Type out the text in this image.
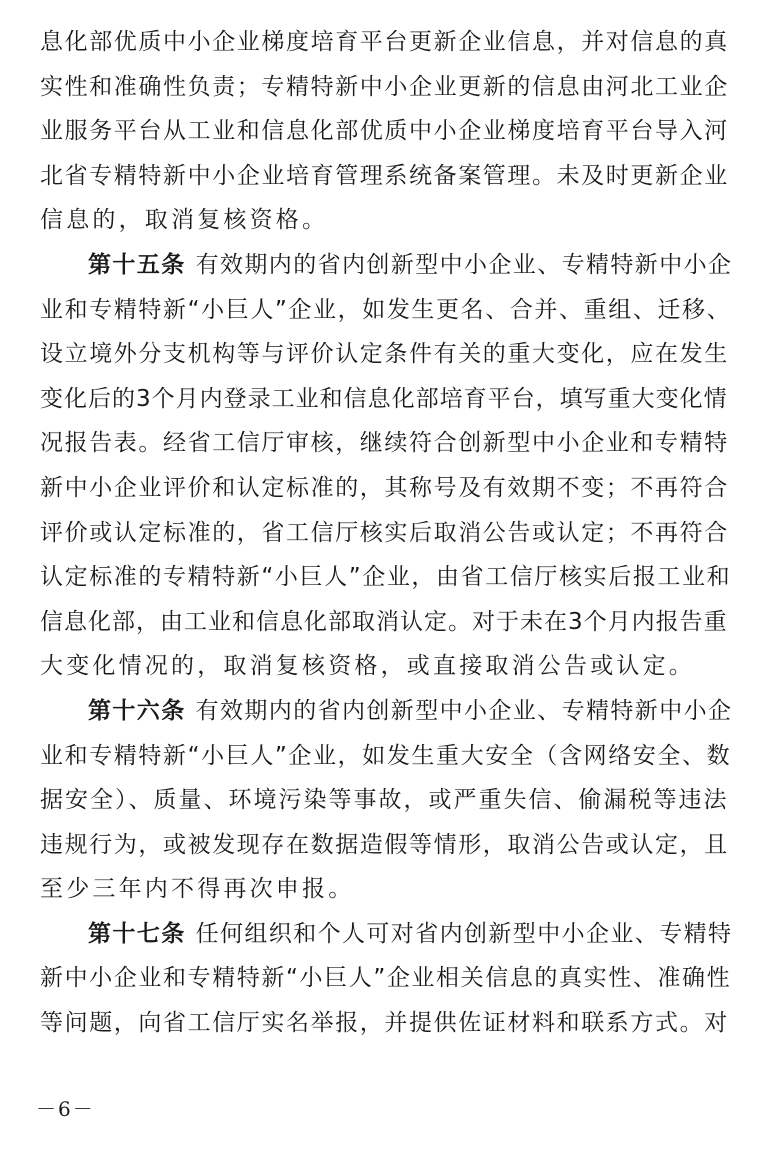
息化部优质中小企业梯度培育平台更新企业信息，并对信息的真
实性和准确性负责；专精特新中小企业更新的信息由河北工业企
业服务平台从工业和信息化部优质中小企业梯度培育平台导入河
北省专精特新中小企业培育管理系统备案管理。未及时更新企业
信息的，取消复核资格。
第十五条 有效期内的省内创新型中小企业、专精特新中小企
业和专精特新“小巨人”企业，如发生更名、合并、重组、迁移、
设立境外分支机构等与评价认定条件有关的重大变化，应在发生
变化后的3个月内登录工业和信息化部培育平台，填写重大变化情
况报告表。经省工信厅审核，继续符合创新型中小企业和专精特
新中小企业评价和认定标准的，其称号及有效期不变；不再符合
评价或认定标准的，省工信厅核实后取消公告或认定；不再符合
认定标准的专精特新“小巨人”企业，由省工信厅核实后报工业和
信息化部，由工业和信息化部取消认定。对于未在3个月内报告重
大变化情况的，取消复核资格，或直接取消公告或认定。
第十六条 有效期内的省内创新型中小企业、专精特新中小企
业和专精特新“小巨人”企业，如发生重大安全（含网络安全、数
据安全）、质量、环境污染等事故，或严重失信、偷漏税等违法
违规行为，或被发现存在数据造假等情形，取消公告或认定，且
至少三年内不得再次申报。
第十七条 任何组织和个人可对省内创新型中小企业、专精特
新中小企业和专精特新“小巨人”企业相关信息的真实性、准确性
等问题，向省工信厅实名举报，并提供佐证材料和联系方式。对
－6－
